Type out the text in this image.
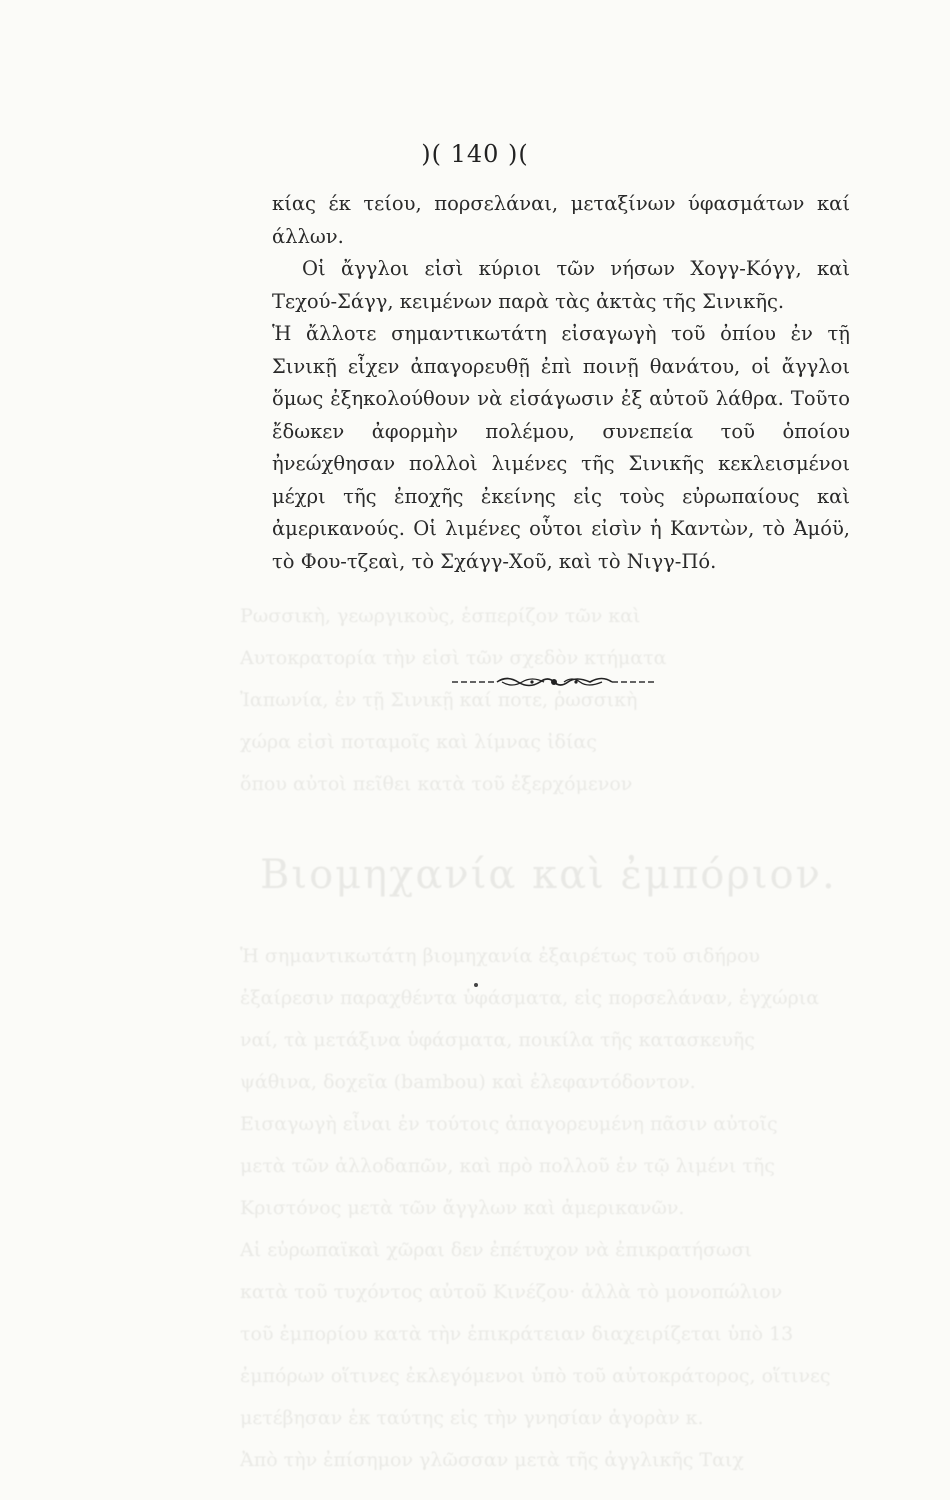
Ρωσσικὴ, γεωργικοὺς, ἑσπερίζον τῶν καὶ
Αυτοκρατορία τὴν εἰσὶ τῶν σχεδὸν κτήματα
Ἰαπωνία, ἐν τῇ Σινικῇ καί ποτε, ῥωσσικὴ
χώρα εἰσὶ ποταμοῖς καὶ λίμνας ἰδίας
ὅπου αὐτοὶ πεῖθει κατὰ τοῦ ἐξερχόμενον
Βιομηχανία καὶ ἐμπόριον.
Ἡ σημαντικωτάτη βιομηχανία ἐξαιρέτως τοῦ σιδήρου
ἐξαίρεσιν παραχθέντα ὑφάσματα, εἰς πορσελάναν, ἐγχώρια
ναί, τὰ μετάξινα ὑφάσματα, ποικίλα τῆς κατασκευῆς
ψάθινα, δοχεῖα (bambou) καὶ ἐλεφαντόδοντον.
Εισαγωγὴ εἶναι ἐν τούτοις ἀπαγορευμένη πᾶσιν αὐτοῖς
μετὰ τῶν ἀλλοδαπῶν, καὶ πρὸ πολλοῦ ἐν τῷ λιμένι τῆς
Κριστόνος μετὰ τῶν ἄγγλων καὶ ἀμερικανῶν.
Αἱ εὐρωπαϊκαὶ χῶραι δεν ἐπέτυχον νὰ ἐπικρατήσωσι
κατὰ τοῦ τυχόντος αὐτοῦ Κινέζου· ἀλλὰ τὸ μονοπώλιον
τοῦ ἐμπορίου κατὰ τὴν ἐπικράτειαν διαχειρίζεται ὑπὸ 13
ἐμπόρων οἵτινες ἐκλεγόμενοι ὑπὸ τοῦ αὐτοκράτορος, οἵτινες
μετέβησαν ἐκ ταύτης εἰς τὴν γνησίαν ἀγορὰν κ.
Ἀπὸ τὴν ἐπίσημον γλῶσσαν μετὰ τῆς ἀγγλικῆς Ταιχ
)( 140 )(

κίας έκ τείου, πορσελάναι, μεταξίνων ύφασμάτων καί άλλων.

Οἱ ἄγγλοι εἰσὶ κύριοι τῶν νήσων Χογγ-Κόγγ, καὶ Τεχού-Σάγγ, κειμένων παρὰ τὰς ἀκτὰς τῆς Σινικῆς.

Ἡ ἄλλοτε σημαντικωτάτη εἰσαγωγὴ τοῦ ὀπίου ἐν τῇ Σινικῇ εἶχεν ἀπαγορευθῇ ἐπὶ ποινῇ θανάτου, οἱ ἄγγλοι ὅμως ἐξηκολούθουν νὰ εἰσάγωσιν ἐξ αὐτοῦ λάθρα. Τοῦτο ἔδωκεν ἀφορμὴν πολέμου, συνεπεία τοῦ ὁποίου ἠνεώχθησαν πολλοὶ λιμένες τῆς Σινικῆς κεκλεισμένοι μέχρι τῆς ἐποχῆς ἐκείνης εἰς τοὺς εὐρωπαίους καὶ ἀμερικανούς. Οἱ λιμένες οὗτοι εἰσὶν ἡ Καντὼν, τὸ Ἀμόϋ, τὸ Φου-τζεαὶ, τὸ Σχάγγ-Χοῦ, καὶ τὸ Νιγγ-Πό.
